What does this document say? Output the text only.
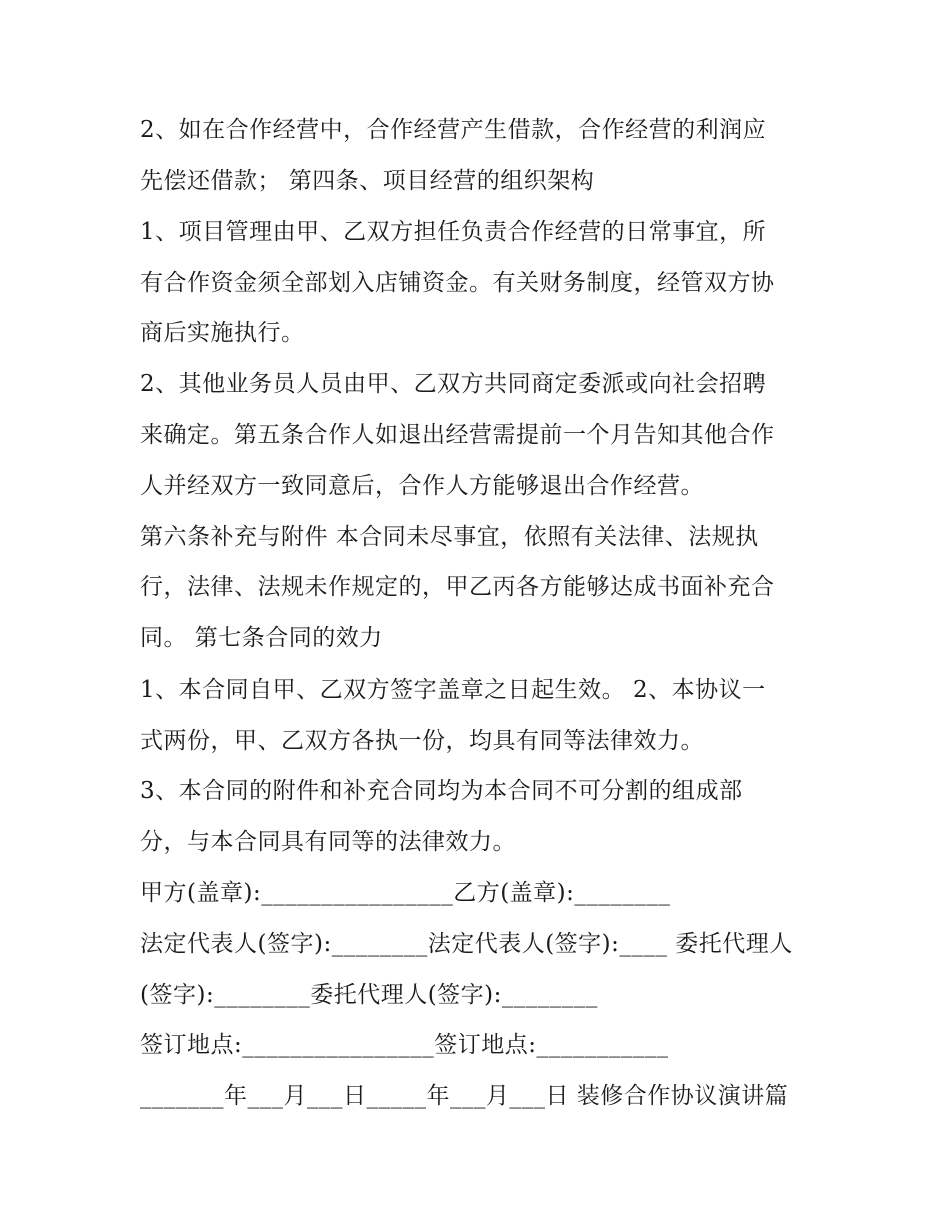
2、如在合作经营中，合作经营产生借款，合作经营的利润应
先偿还借款； 第四条、项目经营的组织架构
1、项目管理由甲、乙双方担任负责合作经营的日常事宜，所
有合作资金须全部划入店铺资金。有关财务制度，经管双方协
商后实施执行。
2、其他业务员人员由甲、乙双方共同商定委派或向社会招聘
来确定。第五条合作人如退出经营需提前一个月告知其他合作
人并经双方一致同意后，合作人方能够退出合作经营。
第六条补充与附件 本合同未尽事宜，依照有关法律、法规执
行，法律、法规未作规定的，甲乙丙各方能够达成书面补充合
同。 第七条合同的效力
1、本合同自甲、乙双方签字盖章之日起生效。 2、本协议一
式两份，甲、乙双方各执一份，均具有同等法律效力。
3、本合同的附件和补充合同均为本合同不可分割的组成部
分，与本合同具有同等的法律效力。
甲方(盖章):________________乙方(盖章):________
法定代表人(签字):________法定代表人(签字):____ 委托代理人
(签字):________委托代理人(签字):________
签订地点:________________签订地点:___________
_______年___月___日_____年___月___日 装修合作协议演讲篇
